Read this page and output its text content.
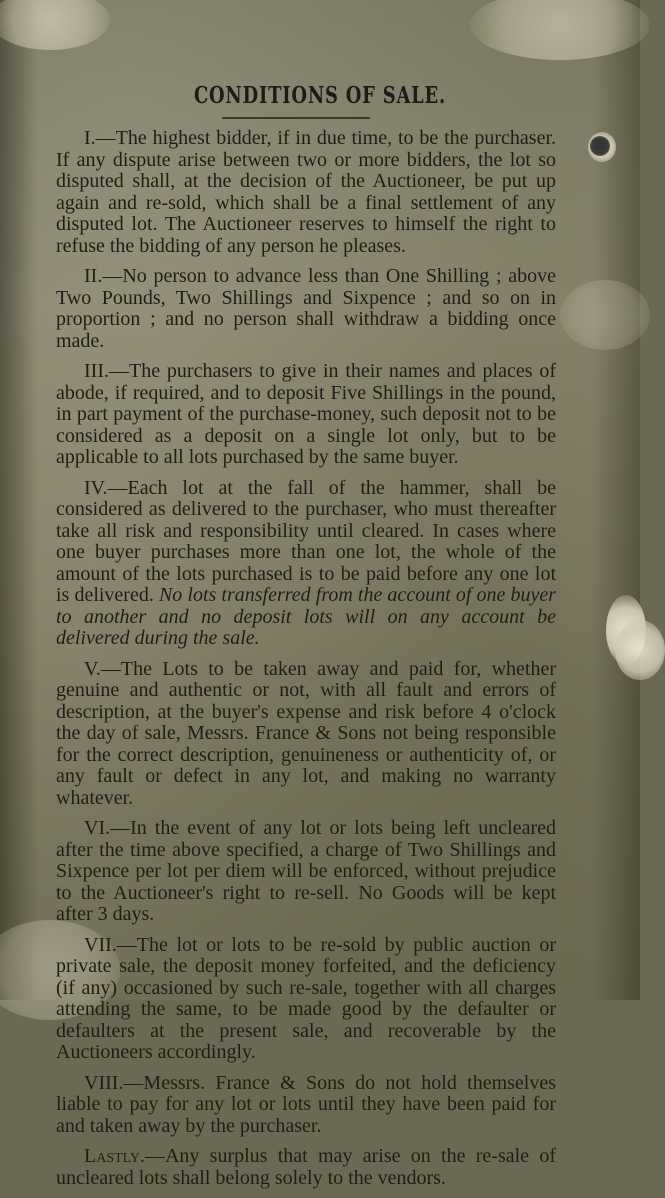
CONDITIONS OF SALE.

I.—The highest bidder, if in due time, to be the purchaser. If any dispute arise between two or more bidders, the lot so disputed shall, at the decision of the Auctioneer, be put up again and re-sold, which shall be a final settlement of any disputed lot. The Auctioneer reserves to himself the right to refuse the bidding of any person he pleases.

II.—No person to advance less than One Shilling ; above Two Pounds, Two Shillings and Sixpence ; and so on in proportion ; and no person shall withdraw a bidding once made.

III.—The purchasers to give in their names and places of abode, if required, and to deposit Five Shillings in the pound, in part payment of the purchase-money, such deposit not to be considered as a deposit on a single lot only, but to be applicable to all lots purchased by the same buyer.

IV.—Each lot at the fall of the hammer, shall be considered as delivered to the purchaser, who must thereafter take all risk and responsibility until cleared. In cases where one buyer purchases more than one lot, the whole of the amount of the lots purchased is to be paid before any one lot is delivered. No lots transferred from the account of one buyer to another and no deposit lots will on any account be delivered during the sale.

V.—The Lots to be taken away and paid for, whether genuine and authentic or not, with all fault and errors of description, at the buyer's expense and risk before 4 o'clock the day of sale, Messrs. France & Sons not being responsible for the correct description, genuineness or authenticity of, or any fault or defect in any lot, and making no warranty whatever.

VI.—In the event of any lot or lots being left uncleared after the time above specified, a charge of Two Shillings and Sixpence per lot per diem will be enforced, without prejudice to the Auctioneer's right to re-sell. No Goods will be kept after 3 days.

VII.—The lot or lots to be re-sold by public auction or private sale, the deposit money forfeited, and the deficiency (if any) occasioned by such re-sale, together with all charges attending the same, to be made good by the defaulter or defaulters at the present sale, and recoverable by the Auctioneers accordingly.

VIII.—Messrs. France & Sons do not hold themselves liable to pay for any lot or lots until they have been paid for and taken away by the purchaser.

Lastly.—Any surplus that may arise on the re-sale of uncleared lots shall belong solely to the vendors.
